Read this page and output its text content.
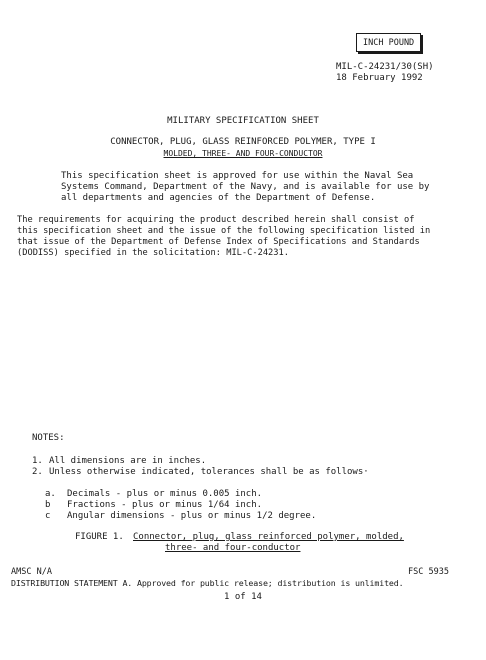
INCH POUND
MIL-C-24231/30(SH)
18 February 1992
MILITARY SPECIFICATION SHEET
CONNECTOR, PLUG, GLASS REINFORCED POLYMER, TYPE I
MOLDED, THREE- AND FOUR-CONDUCTOR
This specification sheet is approved for use within the Naval Sea
Systems Command, Department of the Navy, and is available for use by
all departments and agencies of the Department of Defense.
The requirements for acquiring the product described herein shall consist of
this specification sheet and the issue of the following specification listed in
that issue of the Department of Defense Index of Specifications and Standards
(DODISS) specified in the solicitation: MIL-C-24231.
NOTES:
1. All dimensions are in inches.
2. Unless otherwise indicated, tolerances shall be as follows·
a. Decimals - plus or minus 0.005 inch.
b Fractions - plus or minus 1/64 inch.
c Angular dimensions - plus or minus 1/2 degree.
FIGURE 1. Connector, plug, glass reinforced polymer, molded,
three- and four-conductor
AMSC N/A	FSC 5935
DISTRIBUTION STATEMENT A. Approved for public release; distribution is unlimited.
1 of 14
